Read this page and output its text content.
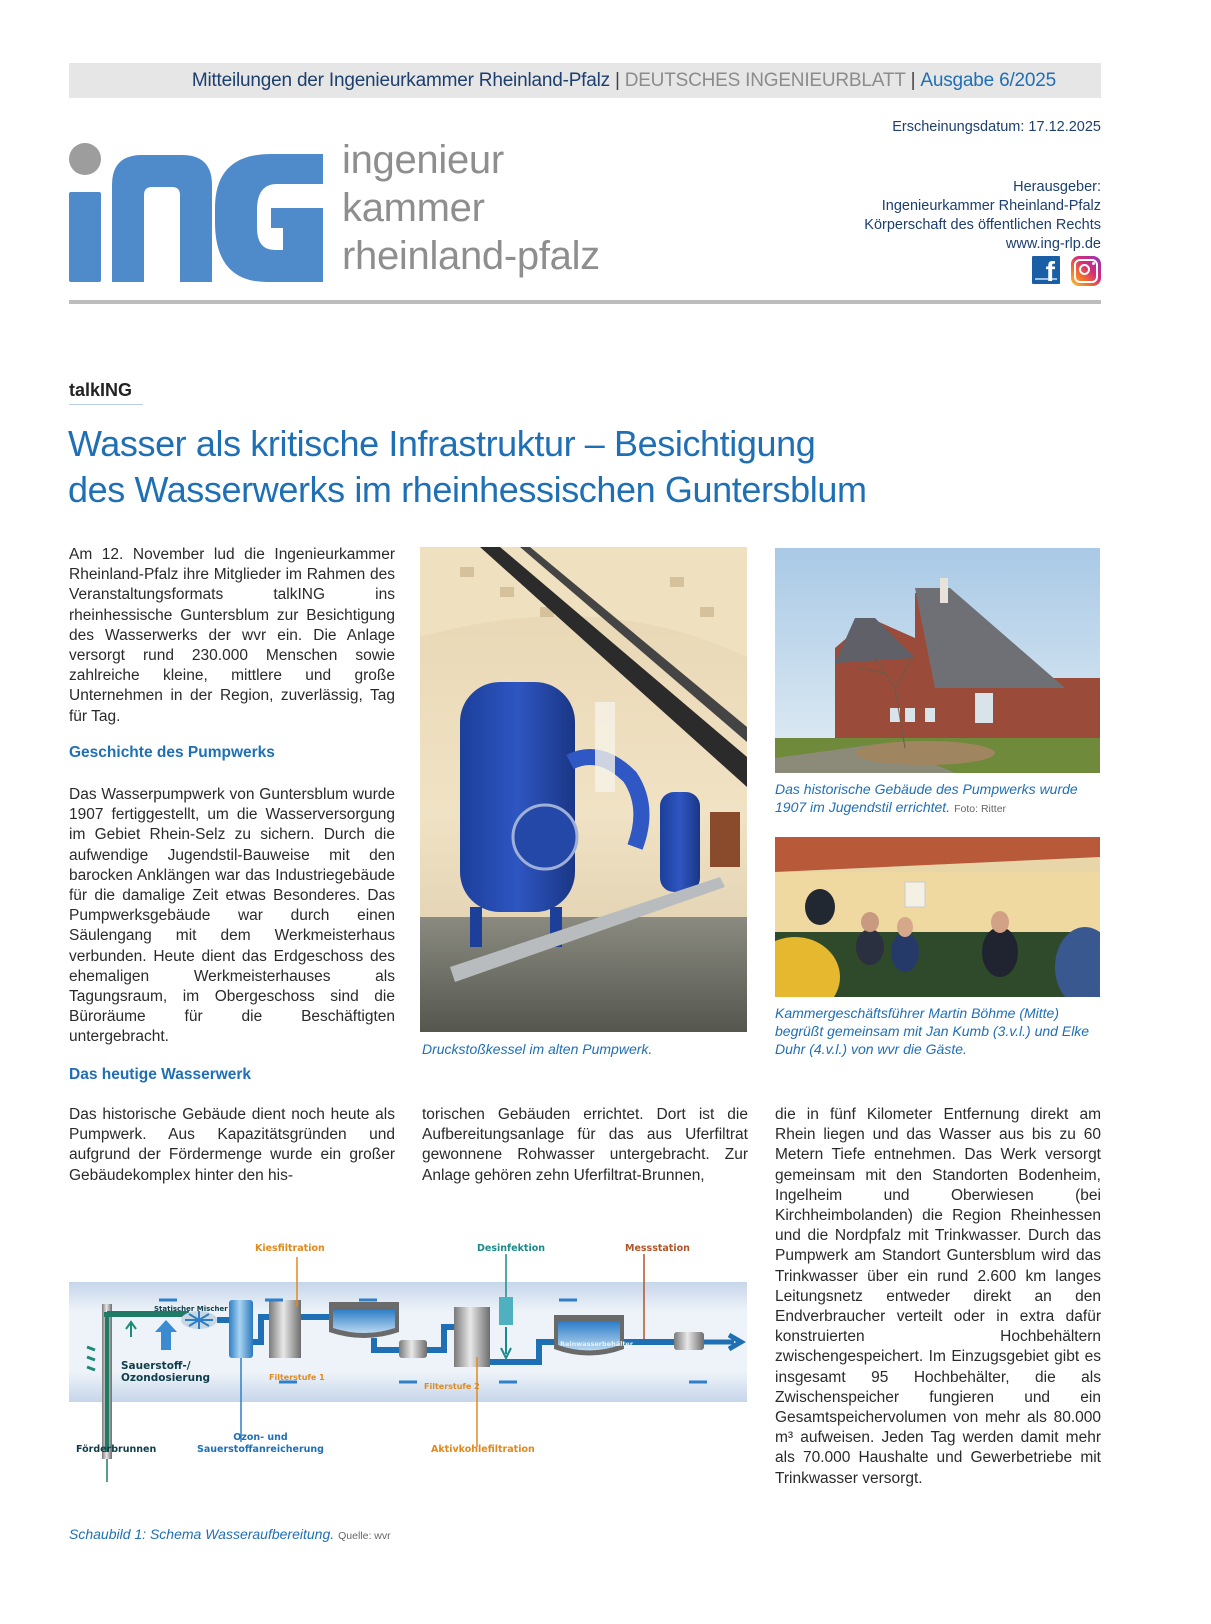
Mitteilungen der Ingenieurkammer Rheinland-Pfalz | DEUTSCHES INGENIEURBLATT | Ausgabe 6/2025
ingenieur
kammer
rheinland-pfalz
Erscheinungsdatum: 17.12.2025
Herausgeber:
Ingenieurkammer Rheinland-Pfalz
Körperschaft des öffentlichen Rechts
www.ing-rlp.de
f
talkING
Wasser als kritische Infrastruktur – Besichtigung
des Wasserwerks im rheinhessischen Guntersblum

Am 12. November lud die Ingenieurkammer Rheinland-Pfalz ihre Mitglieder im Rahmen des Veranstaltungsformats talkING ins rheinhessische Guntersblum zur Besichtigung des Wasserwerks der wvr ein. Die Anlage versorgt rund 230.000 Menschen sowie zahlreiche kleine, mittlere und große Unternehmen in der Region, zuverlässig, Tag für Tag.

Geschichte des Pumpwerks

Das Wasserpumpwerk von Guntersblum wurde 1907 fertiggestellt, um die Wasserversorgung im Gebiet Rhein-Selz zu sichern. Durch die aufwendige Jugendstil-Bauweise mit den barocken Anklängen war das Industriegebäude für die damalige Zeit etwas Besonderes. Das Pumpwerksgebäude war durch einen Säulengang mit dem Werkmeisterhaus verbunden. Heute dient das Erdgeschoss des ehemaligen Werkmeisterhauses als Tagungsraum, im Obergeschoss sind die Büroräume für die Beschäftigten untergebracht.

Das heutige Wasserwerk

Das historische Gebäude dient noch heute als Pumpwerk. Aus Kapazitätsgründen und aufgrund der Fördermenge wurde ein großer Gebäudekomplex hinter den his-

torischen Gebäuden errichtet. Dort ist die Aufbereitungsanlage für das aus Uferfiltrat gewonnene Rohwasser untergebracht. Zur Anlage gehören zehn Uferfiltrat-Brunnen,

die in fünf Kilometer Entfernung direkt am Rhein liegen und das Wasser aus bis zu 60 Metern Tiefe entnehmen. Das Werk versorgt gemeinsam mit den Standorten Bodenheim, Ingelheim und Oberwiesen (bei Kirchheimbolanden) die Region Rheinhessen und die Nordpfalz mit Trinkwasser. Durch das Pumpwerk am Standort Guntersblum wird das Trinkwasser über ein rund 2.600 km langes Leitungsnetz entweder direkt an den Endverbraucher verteilt oder in extra dafür konstruierten Hochbehältern zwischengespeichert. Im Einzugsgebiet gibt es insgesamt 95 Hochbehälter, die als Zwischenspeicher fungieren und ein Gesamtspeichervolumen von mehr als 80.000 m³ aufweisen. Jeden Tag werden damit mehr als 70.000 Haushalte und Gewerbetriebe mit Trinkwasser versorgt.

Druckstoßkessel im alten Pumpwerk.
Das historische Gebäude des Pumpwerks wurde 1907 im Jugendstil errichtet. Foto: Ritter
Kammergeschäftsführer Martin Böhme (Mitte) begrüßt gemeinsam mit Jan Kumb (3.v.l.) und Elke Duhr (4.v.l.) von wvr die Gäste.
Kiesfiltration	Desinfektion	Messstation
Statischer Mischer
Sauerstoff-/
Ozondosierung	Filterstufe 1
Filterstufe 2
Reinwasserbehälter
Förderbrunnen
Ozon- und
Sauerstoffanreicherung	Aktivkohlefiltration
Schaubild 1: Schema Wasseraufbereitung. Quelle: wvr
